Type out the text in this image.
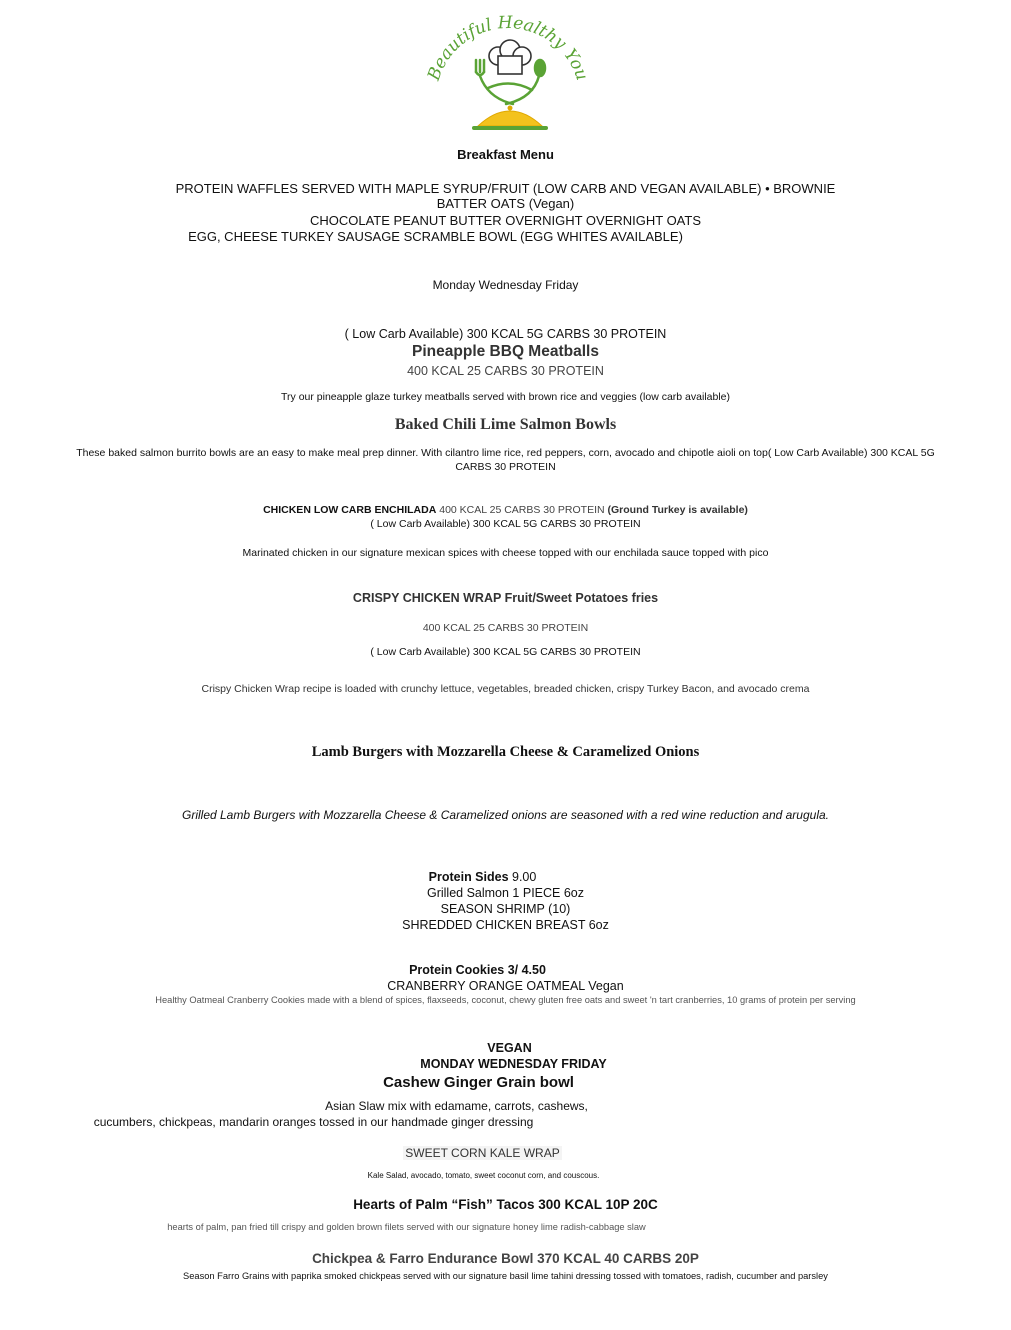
Beautiful Healthy You
Breakfast Menu
PROTEIN WAFFLES SERVED WITH MAPLE SYRUP/FRUIT (LOW CARB AND VEGAN AVAILABLE) • BROWNIE
BATTER OATS (Vegan)
CHOCOLATE PEANUT BUTTER OVERNIGHT OVERNIGHT OATS
EGG, CHEESE TURKEY SAUSAGE SCRAMBLE BOWL (EGG WHITES AVAILABLE)
Monday Wednesday Friday
( Low Carb Available) 300 KCAL 5G CARBS 30 PROTEIN
Pineapple BBQ Meatballs
400 KCAL 25 CARBS 30 PROTEIN
Try our pineapple glaze turkey meatballs served with brown rice and veggies (low carb available)
Baked Chili Lime Salmon Bowls
These baked salmon burrito bowls are an easy to make meal prep dinner. With cilantro lime rice, red peppers, corn, avocado and chipotle aioli on top( Low Carb Available) 300 KCAL 5G
CARBS 30 PROTEIN
CHICKEN LOW CARB ENCHILADA 400 KCAL 25 CARBS 30 PROTEIN (Ground Turkey is available)
( Low Carb Available) 300 KCAL 5G CARBS 30 PROTEIN
Marinated chicken in our signature mexican spices with cheese topped with our enchilada sauce topped with pico
CRISPY CHICKEN WRAP Fruit/Sweet Potatoes fries
400 KCAL 25 CARBS 30 PROTEIN
( Low Carb Available) 300 KCAL 5G CARBS 30 PROTEIN
Crispy Chicken Wrap recipe is loaded with crunchy lettuce, vegetables, breaded chicken, crispy Turkey Bacon, and avocado crema
Lamb Burgers with Mozzarella Cheese & Caramelized Onions
Grilled Lamb Burgers with Mozzarella Cheese & Caramelized onions are seasoned with a red wine reduction and arugula.
Protein Sides 9.00
Grilled Salmon 1 PIECE 6oz
SEASON SHRIMP (10)
SHREDDED CHICKEN BREAST 6oz
Protein Cookies 3/ 4.50
CRANBERRY ORANGE OATMEAL Vegan
Healthy Oatmeal Cranberry Cookies made with a blend of spices, flaxseeds, coconut, chewy gluten free oats and sweet 'n tart cranberries, 10 grams of protein per serving
VEGAN
MONDAY WEDNESDAY FRIDAY
Cashew Ginger Grain bowl
Asian Slaw mix with edamame, carrots, cashews,
cucumbers, chickpeas, mandarin oranges tossed in our handmade ginger dressing
SWEET CORN KALE WRAP
Kale Salad, avocado, tomato, sweet coconut corn, and couscous.
Hearts of Palm “Fish” Tacos 300 KCAL 10P 20C
hearts of palm, pan fried till crispy and golden brown filets served with our signature honey lime radish-cabbage slaw
Chickpea & Farro Endurance Bowl 370 KCAL 40 CARBS 20P
Season Farro Grains with paprika smoked chickpeas served with our signature basil lime tahini dressing tossed with tomatoes, radish, cucumber and parsley
